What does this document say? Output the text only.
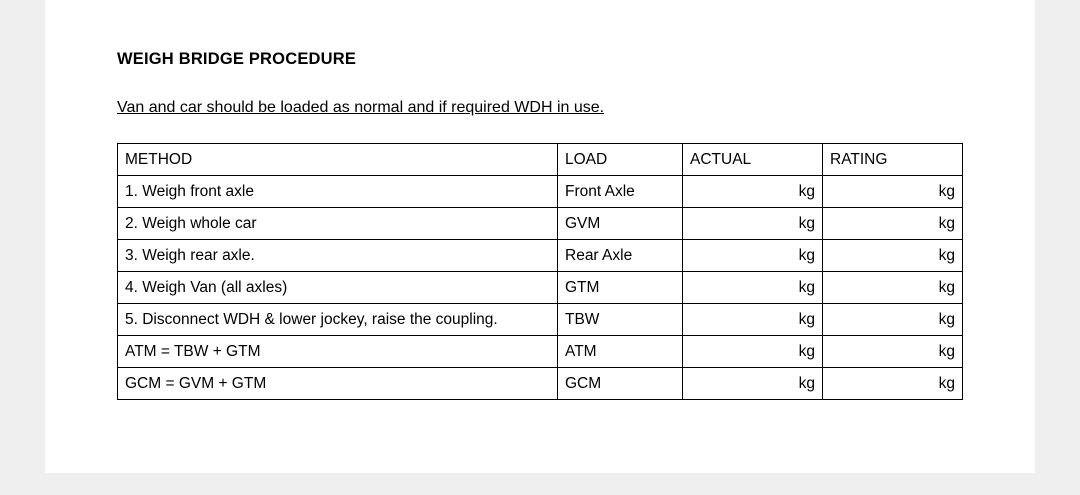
WEIGH BRIDGE PROCEDURE
Van and car should be loaded as normal and if required WDH in use.
METHOD	LOAD	ACTUAL	RATING
1. Weigh front axle	Front Axle	kg	kg
2. Weigh whole car	GVM	kg	kg
3. Weigh rear axle.	Rear Axle	kg	kg
4. Weigh Van (all axles)	GTM	kg	kg
5. Disconnect WDH & lower jockey, raise the coupling.	TBW	kg	kg
ATM = TBW + GTM	ATM	kg	kg
GCM = GVM + GTM	GCM	kg	kg
